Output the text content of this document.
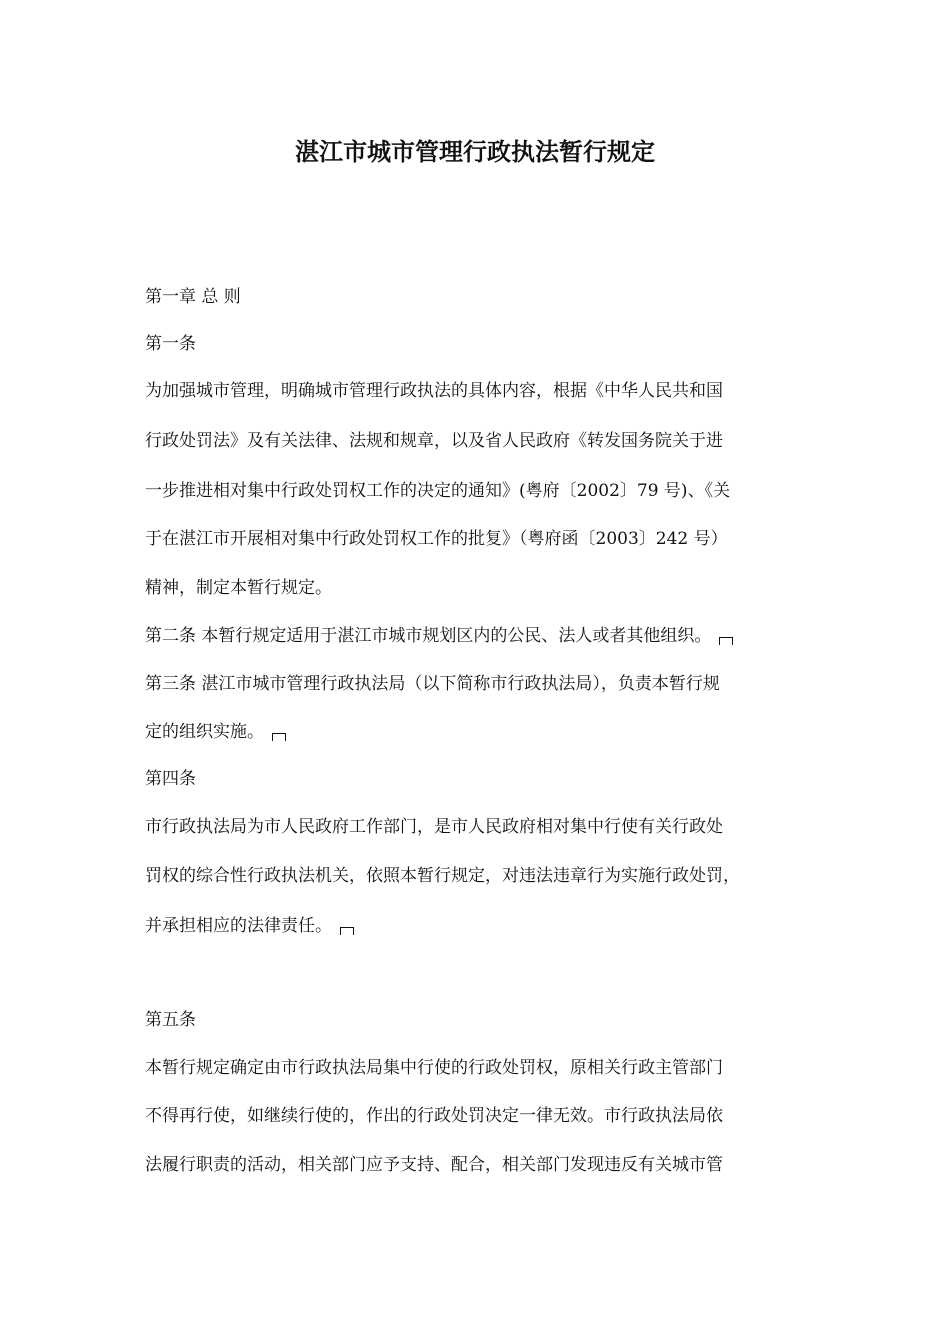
湛江市城市管理行政执法暂行规定
第一章 总 则
第一条
为加强城市管理，明确城市管理行政执法的具体内容，根据《中华人民共和国
行政处罚法》及有关法律、法规和规章，以及省人民政府《转发国务院关于进
一步推进相对集中行政处罚权工作的决定的通知》(粤府〔2002〕79 号)、《关
于在湛江市开展相对集中行政处罚权工作的批复》（粤府函〔2003〕242 号）
精神，制定本暂行规定。
第二条 本暂行规定适用于湛江市城市规划区内的公民、法人或者其他组织。
第三条 湛江市城市管理行政执法局（以下简称市行政执法局），负责本暂行规
定的组织实施。
第四条
市行政执法局为市人民政府工作部门，是市人民政府相对集中行使有关行政处
罚权的综合性行政执法机关，依照本暂行规定，对违法违章行为实施行政处罚，
并承担相应的法律责任。
第五条
本暂行规定确定由市行政执法局集中行使的行政处罚权，原相关行政主管部门
不得再行使，如继续行使的，作出的行政处罚决定一律无效。市行政执法局依
法履行职责的活动，相关部门应予支持、配合，相关部门发现违反有关城市管
